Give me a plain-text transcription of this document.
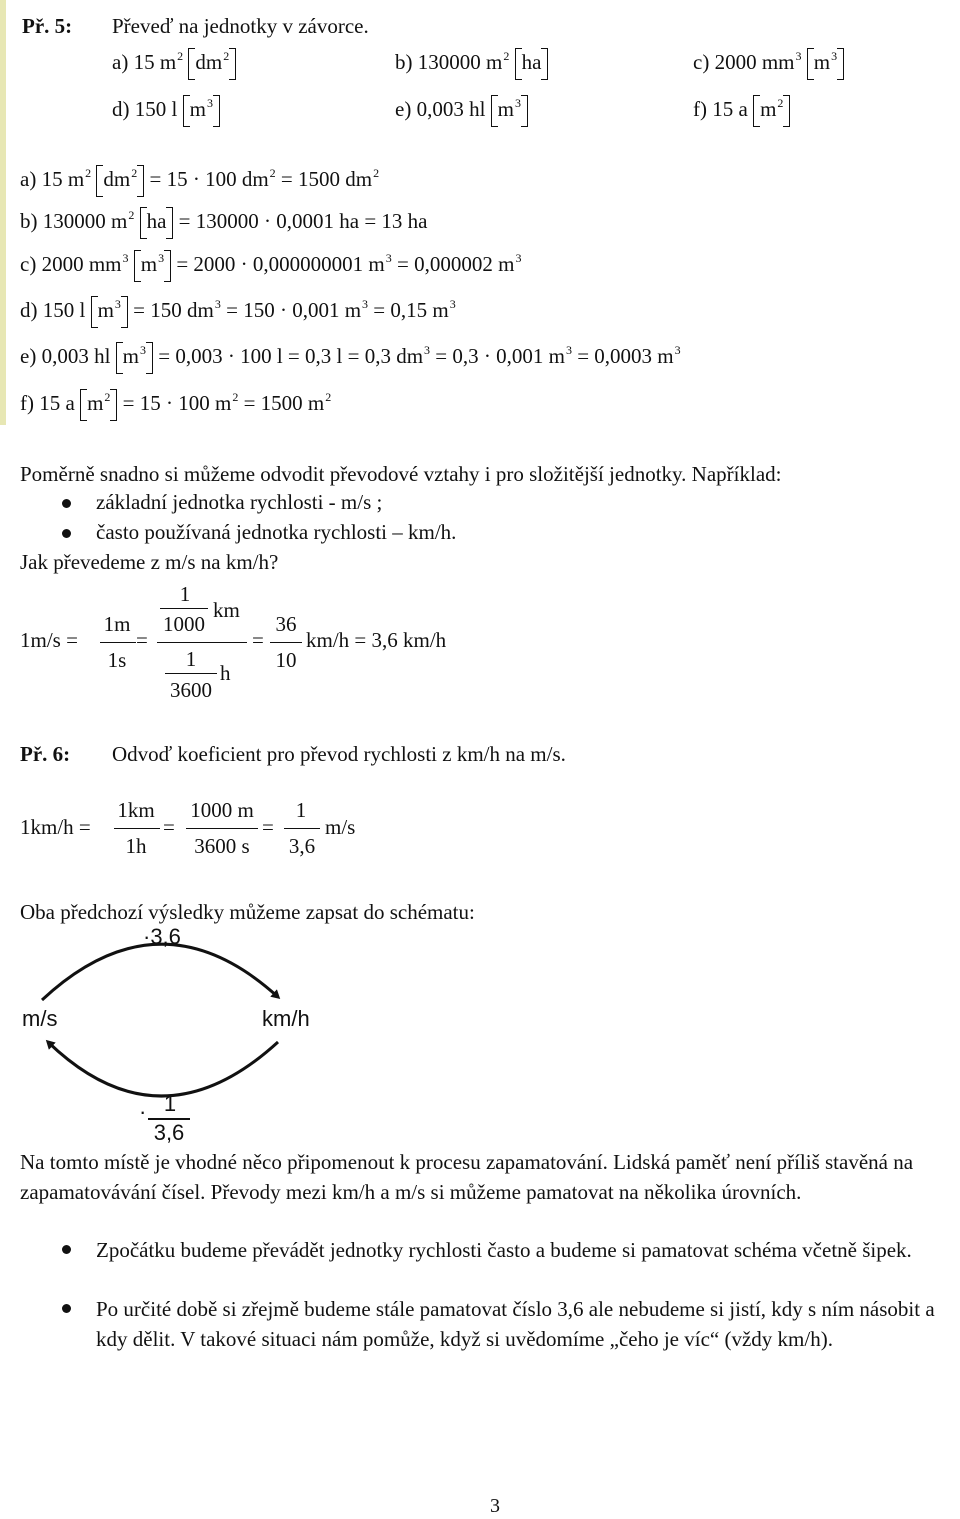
Př. 5: Převeď na jednotky v závorce.
a) 15 $m^2$ $dm^2$	b) 130000 $m^2$ ha	c) 2000 $mm^3$ $m^3$
d) 150 l $m^3$	e) 0,003 hl $m^3$	f) 15 a $m^2$
a) 15 $m^2$ $dm^2 = 15 \cdot 100$ $dm^2 = 1500$ $dm^2$
b) 130000 $m^2$ ha = 130000 · 0,0001 ha = 13 ha
c) 2000 $mm^3$ $m^3 = 2000 \cdot 0,000000001$ $m^3 = 0,000002$ $m^3$
d) 150 l $m^3 = 150$ $dm^3 = 150 \cdot 0,001$ $m^3 = 0,15$ $m^3$
e) 0,003 hl $m^3 = 0,003 \cdot 100$ l = 0,3 l = 0,3 $dm^3 = 0,3 \cdot 0,001$ $m^3 = 0,0003$ $m^3$
f) 15 a $m^2 = 15 \cdot 100$ $m^2 = 1500$ $m^2$
Poměrně snadno si můžeme odvodit převodové vztahy i pro složitější jednotky. Například:
základní jednotka rychlosti - m/s ;
často používaná jednotka rychlosti – km/h.
Jak převedeme z m/s na km/h?
1m/s =
1m
1s
=
1
1000
km
1
3600
h
=
36
10
km/h = 3,6 km/h
Př. 6: Odvoď koeficient pro převod rychlosti z km/h na m/s.
1km/h =
1km
1h
=
1000 m
3600 s
=
1
3,6
m/s
Oba předchozí výsledky můžeme zapsat do schématu:
·3,6
m/s	km/h
· 1
3,6
Na tomto místě je vhodné něco připomenout k procesu zapamatování. Lidská paměť není příliš stavěná na zapamatovávání čísel. Převody mezi km/h a m/s si můžeme pamatovat na několika úrovních.
Zpočátku budeme převádět jednotky rychlosti často a budeme si pamatovat schéma včetně šipek.
Po určité době si zřejmě budeme stále pamatovat číslo 3,6 ale nebudeme si jistí, kdy s ním násobit a kdy dělit. V takové situaci nám pomůže, když si uvědomíme „čeho je víc“ (vždy km/h).
3
